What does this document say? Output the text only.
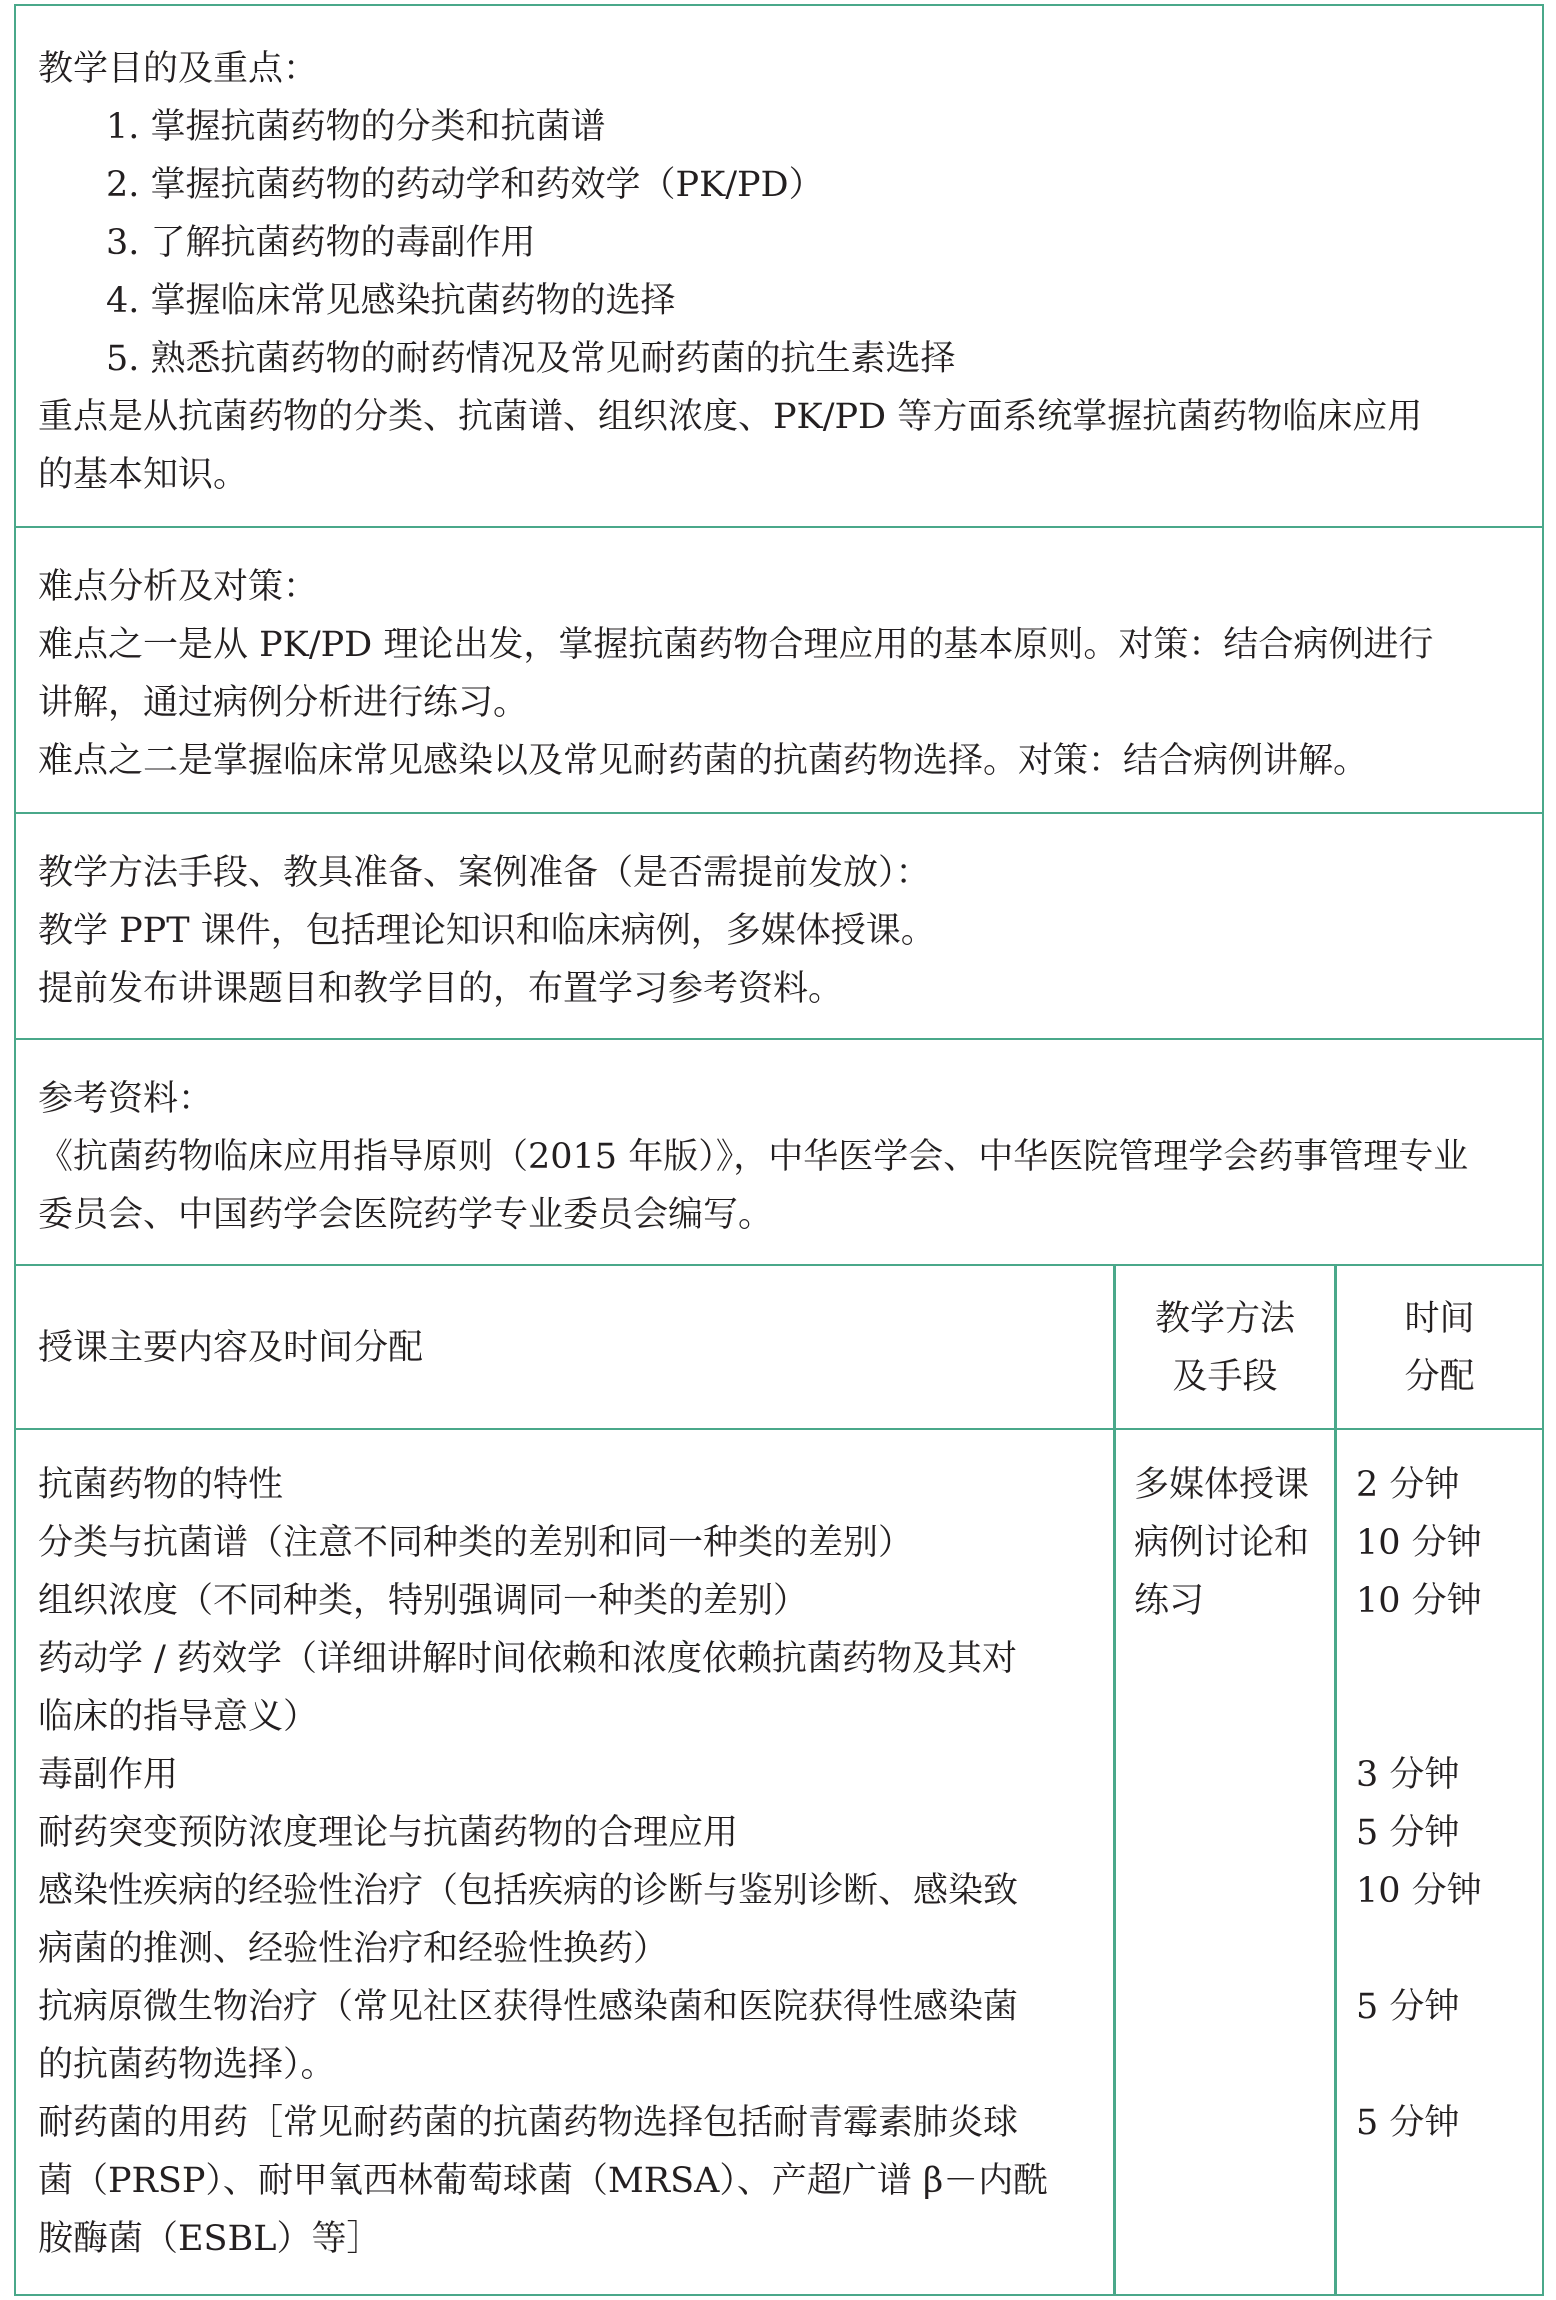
教学目的及重点：
1. 掌握抗菌药物的分类和抗菌谱
2. 掌握抗菌药物的药动学和药效学（PK/PD）
3. 了解抗菌药物的毒副作用
4. 掌握临床常见感染抗菌药物的选择
5. 熟悉抗菌药物的耐药情况及常见耐药菌的抗生素选择
重点是从抗菌药物的分类、抗菌谱、组织浓度、PK/PD 等方面系统掌握抗菌药物临床应用
的基本知识。
难点分析及对策：
难点之一是从 PK/PD 理论出发，掌握抗菌药物合理应用的基本原则。对策：结合病例进行
讲解，通过病例分析进行练习。
难点之二是掌握临床常见感染以及常见耐药菌的抗菌药物选择。对策：结合病例讲解。
教学方法手段、教具准备、案例准备（是否需提前发放）：
教学 PPT 课件，包括理论知识和临床病例，多媒体授课。
提前发布讲课题目和教学目的，布置学习参考资料。
参考资料：
《抗菌药物临床应用指导原则（2015 年版）》，中华医学会、中华医院管理学会药事管理专业
委员会、中国药学会医院药学专业委员会编写。
授课主要内容及时间分配
教学方法
及手段
时间
分配
抗菌药物的特性
分类与抗菌谱（注意不同种类的差别和同一种类的差别）
组织浓度（不同种类，特别强调同一种类的差别）
药动学 / 药效学（详细讲解时间依赖和浓度依赖抗菌药物及其对
临床的指导意义）
毒副作用
耐药突变预防浓度理论与抗菌药物的合理应用
感染性疾病的经验性治疗（包括疾病的诊断与鉴别诊断、感染致
病菌的推测、经验性治疗和经验性换药）
抗病原微生物治疗（常见社区获得性感染菌和医院获得性感染菌
的抗菌药物选择）。
耐药菌的用药［常见耐药菌的抗菌药物选择包括耐青霉素肺炎球
菌（PRSP）、耐甲氧西林葡萄球菌（MRSA）、产超广谱 β－内酰
胺酶菌（ESBL）等］
多媒体授课
病例讨论和
练习
2 分钟
10 分钟
10 分钟

3 分钟
5 分钟
10 分钟

5 分钟

5 分钟
